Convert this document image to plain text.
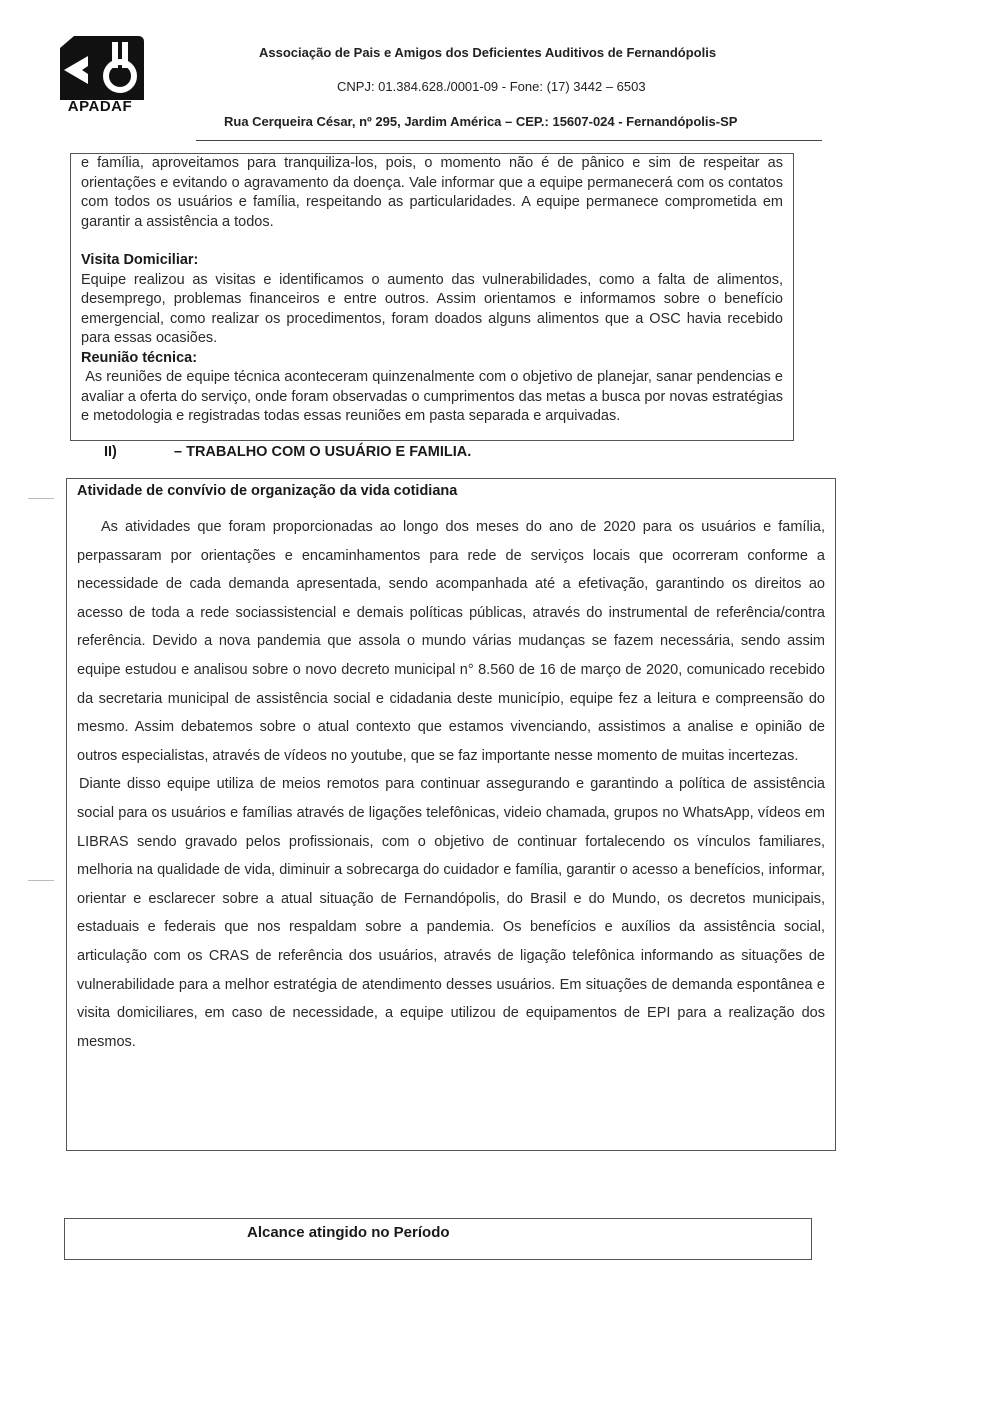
APADAF
Associação de Pais e Amigos dos Deficientes Auditivos de Fernandópolis
CNPJ: 01.384.628./0001-09 - Fone: (17) 3442 – 6503
Rua Cerqueira César, nº 295, Jardim América – CEP.: 15607-024 - Fernandópolis-SP

e família, aproveitamos para tranquiliza-los, pois, o momento não é de pânico e sim de respeitar as orientações e evitando o agravamento da doença. Vale informar que a equipe permanecerá com os contatos com todos os usuários e família, respeitando as particularidades. A equipe permanece comprometida em garantir a assistência a todos.

Visita Domiciliar:

Equipe realizou as visitas e identificamos o aumento das vulnerabilidades, como a falta de alimentos, desemprego, problemas financeiros e entre outros. Assim orientamos e informamos sobre o benefício emergencial, como realizar os procedimentos, foram doados alguns alimentos que a OSC havia recebido para essas ocasiões.

Reunião técnica:

As reuniões de equipe técnica aconteceram quinzenalmente com o objetivo de planejar, sanar pendencias e avaliar a oferta do serviço, onde foram observadas o cumprimentos das metas a busca por novas estratégias e metodologia e registradas todas essas reuniões em pasta separada e arquivadas.

II)	– TRABALHO COM O USUÁRIO E FAMILIA.
Atividade de convívio de organização da vida cotidiana

As atividades que foram proporcionadas ao longo dos meses do ano de 2020 para os usuários e família, perpassaram por orientações e encaminhamentos para rede de serviços locais que ocorreram conforme a necessidade de cada demanda apresentada, sendo acompanhada até a efetivação, garantindo os direitos ao acesso de toda a rede sociassistencial e demais políticas públicas, através do instrumental de referência/contra referência. Devido a nova pandemia que assola o mundo várias mudanças se fazem necessária, sendo assim equipe estudou e analisou sobre o novo decreto municipal n° 8.560 de 16 de março de 2020, comunicado recebido da secretaria municipal de assistência social e cidadania deste município, equipe fez a leitura e compreensão do mesmo. Assim debatemos sobre o atual contexto que estamos vivenciando, assistimos a analise e opinião de outros especialistas, através de vídeos no youtube, que se faz importante nesse momento de muitas incertezas.

Diante disso equipe utiliza de meios remotos para continuar assegurando e garantindo a política de assistência social para os usuários e famílias através de ligações telefônicas, videio chamada, grupos no WhatsApp, vídeos em LIBRAS sendo gravado pelos profissionais, com o objetivo de continuar fortalecendo os vínculos familiares, melhoria na qualidade de vida, diminuir a sobrecarga do cuidador e família, garantir o acesso a benefícios, informar, orientar e esclarecer sobre a atual situação de Fernandópolis, do Brasil e do Mundo, os decretos municipais, estaduais e federais que nos respaldam sobre a pandemia. Os benefícios e auxílios da assistência social, articulação com os CRAS de referência dos usuários, através de ligação telefônica informando as situações de vulnerabilidade para a melhor estratégia de atendimento desses usuários. Em situações de demanda espontânea e visita domiciliares, em caso de necessidade, a equipe utilizou de equipamentos de EPI para a realização dos mesmos.

Alcance atingido no Período
